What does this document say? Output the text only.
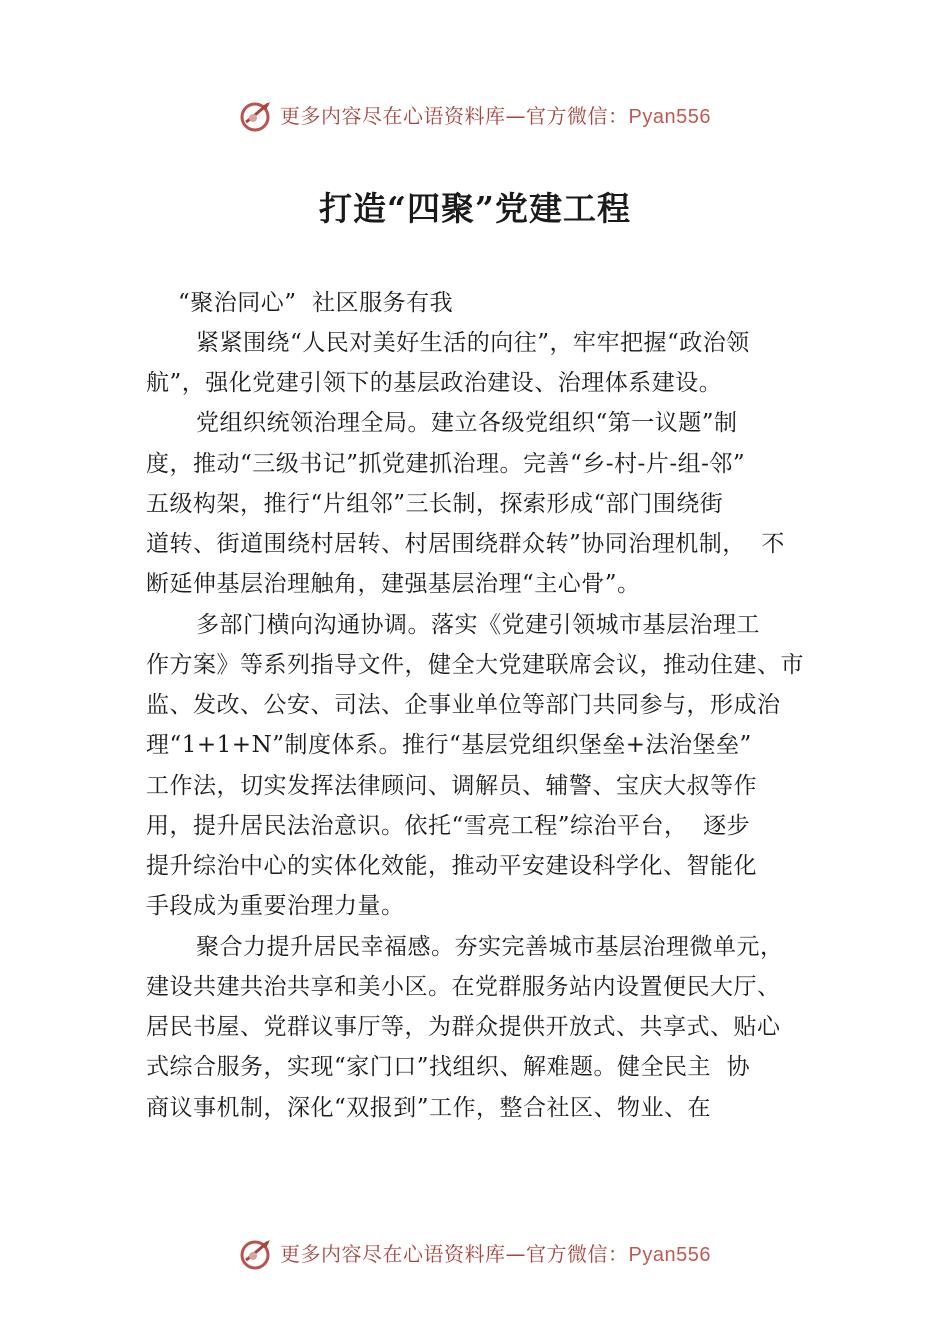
更多内容尽在心语资料库—官方微信：Pyan556
打造“四聚”党建工程
“聚治同心”  社区服务有我
紧紧围绕“人民对美好生活的向往”，牢牢把握“政治领
航”，强化党建引领下的基层政治建设、治理体系建设。
党组织统领治理全局。建立各级党组织“第一议题”制
度，推动“三级书记”抓党建抓治理。完善“乡-村-片-组-邻”
五级构架，推行“片组邻”三长制，探索形成“部门围绕街
道转、街道围绕村居转、村居围绕群众转”协同治理机制，  不
断延伸基层治理触角，建强基层治理“主心骨”。
多部门横向沟通协调。落实《党建引领城市基层治理工
作方案》等系列指导文件，健全大党建联席会议，推动住建、市
监、发改、公安、司法、企事业单位等部门共同参与，形成治
理“1+1+N”制度体系。推行“基层党组织堡垒+法治堡垒”
工作法，切实发挥法律顾问、调解员、辅警、宝庆大叔等作
用，提升居民法治意识。依托“雪亮工程”综治平台，  逐步
提升综治中心的实体化效能，推动平安建设科学化、智能化
手段成为重要治理力量。
聚合力提升居民幸福感。夯实完善城市基层治理微单元，
建设共建共治共享和美小区。在党群服务站内设置便民大厅、
居民书屋、党群议事厅等，为群众提供开放式、共享式、贴心
式综合服务，实现“家门口”找组织、解难题。健全民主  协
商议事机制，深化“双报到”工作，整合社区、物业、在
更多内容尽在心语资料库—官方微信：Pyan556
